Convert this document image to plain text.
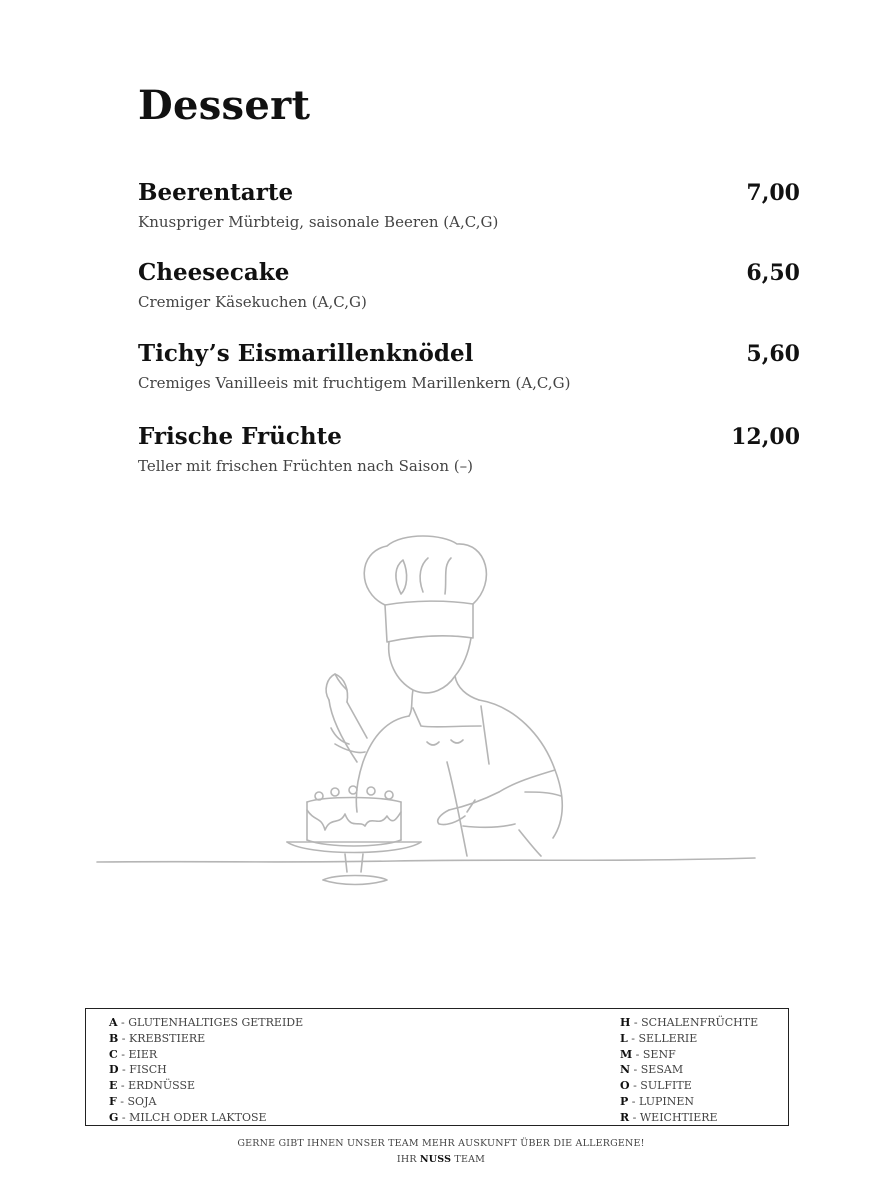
Dessert
Beerentarte	7,00
Knuspriger Mürbteig, saisonale Beeren (A,C,G)
Cheesecake	6,50
Cremiger Käsekuchen (A,C,G)
Tichy’s Eismarillenknödel	5,60
Cremiges Vanilleeis mit fruchtigem Marillenkern (A,C,G)
Frische Früchte	12,00
Teller mit frischen Früchten nach Saison (–)
A - GLUTENHALTIGES GETREIDE
B - KREBSTIERE
C - EIER
D - FISCH
E - ERDNÜSSE
F - SOJA
G - MILCH ODER LAKTOSE
H - SCHALENFRÜCHTE
L - SELLERIE
M - SENF
N - SESAM
O - SULFITE
P - LUPINEN
R - WEICHTIERE
GERNE GIBT IHNEN UNSER TEAM MEHR AUSKUNFT ÜBER DIE ALLERGENE!
IHR NUSS TEAM
